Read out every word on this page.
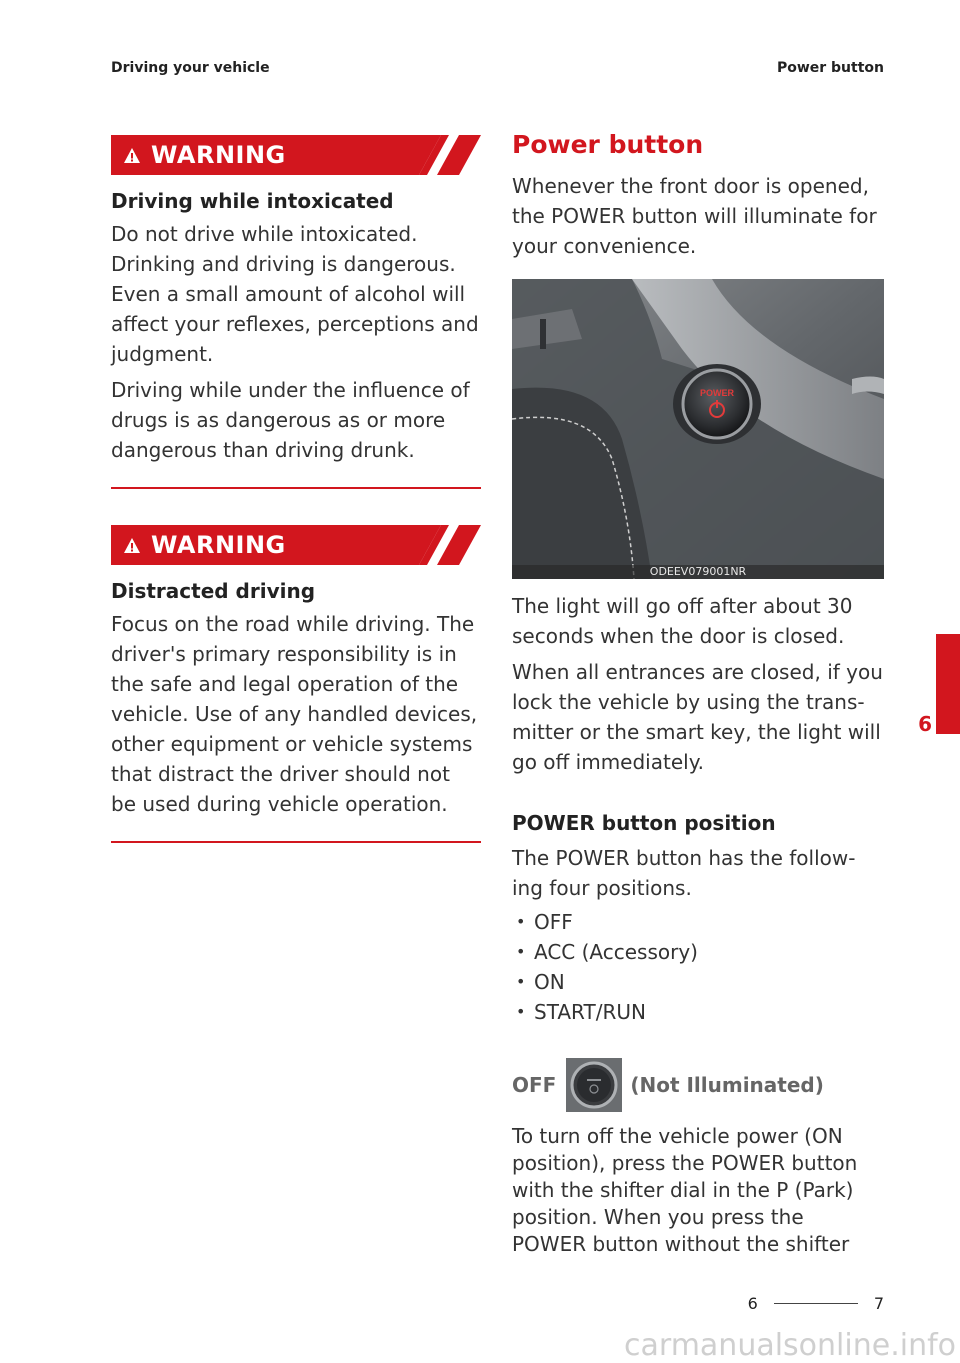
Driving your vehicle	Power button
WARNING
Driving while intoxicated

Do not drive while intoxicated. Drinking and driving is dangerous. Even a small amount of alcohol will affect your reflexes, perceptions and judgment.

Driving while under the influence of drugs is as dangerous as or more dangerous than driving drunk.

WARNING
Distracted driving

Focus on the road while driving. The driver's primary responsibility is in the safe and legal operation of the vehicle. Use of any handled devices, other equipment or vehicle systems that distract the driver should not be used during vehicle operation.

Power button

Whenever the front door is opened, the POWER button will illuminate for your convenience.

POWER
ODEEV079001NR

The light will go off after about 30 seconds when the door is closed.

When all entrances are closed, if you lock the vehicle by using the trans-mitter or the smart key, the light will go off immediately.

POWER button position

The POWER button has the follow-ing four positions.

• OFF
• ACC (Accessory)
• ON
• START/RUN
OFF	(Not Illuminated)

To turn off the vehicle power (ON position), press the POWER button with the shifter dial in the P (Park) position. When you press the POWER button without the shifter

6
6	7
carmanualsonline.info
